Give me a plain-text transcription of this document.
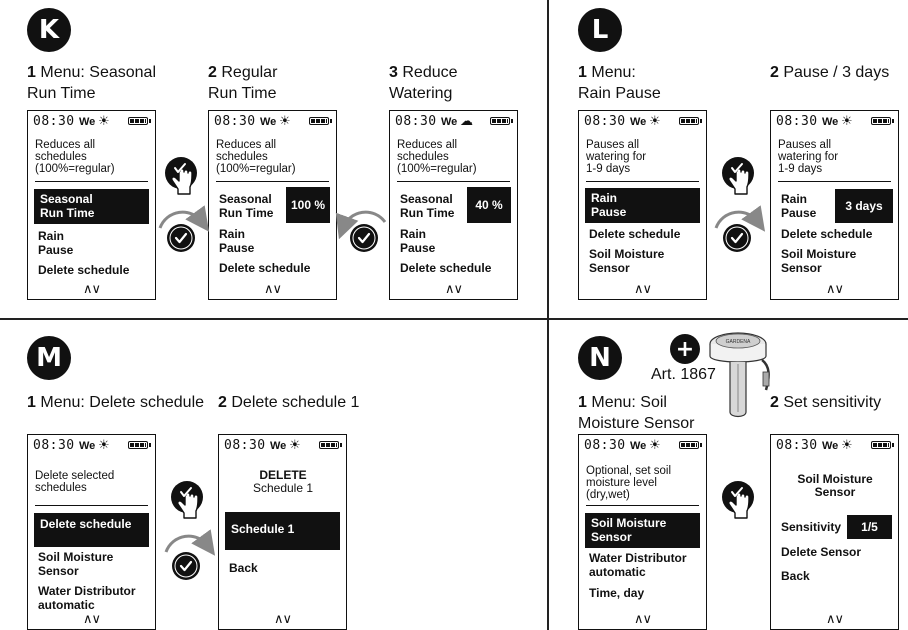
K
1 Menu: Seasonal
Run Time
2 Regular
Run Time
3 Reduce
Watering
08:30 We ☀
Reduces all
schedules
(100%=regular)
Seasonal
Run Time
Rain
Pause
Delete schedule
∧∨
08:30 We ☀
Reduces all
schedules
(100%=regular)
Seasonal
Run Time
100 %
Rain
Pause
Delete schedule
∧∨
08:30 We ☁
Reduces all
schedules
(100%=regular)
Seasonal
Run Time
40 %
Rain
Pause
Delete schedule
∧∨
L
1 Menu:
Rain Pause
2 Pause / 3 days
08:30 We ☀
Pauses all
watering for
1-9 days
Rain
Pause
Delete schedule
Soil Moisture
Sensor
∧∨
08:30 We ☀
Pauses all
watering for
1-9 days
Rain
Pause	3 days
Delete schedule
Soil Moisture
Sensor
∧∨
M
1 Menu: Delete schedule 2 Delete schedule 1
08:30 We ☀
Delete selected
schedules
Delete schedule
Soil Moisture
Sensor
Water Distributor
automatic
∧∨
08:30 We ☀
DELETE
Schedule 1
Schedule 1
Back
∧∨
N	+
Art. 1867
1 Menu: Soil
Moisture Sensor
2 Set sensitivity
08:30 We ☀
Optional, set soil
moisture level
(dry,wet)
Soil Moisture
Sensor
Water Distributor
automatic
Time, day
∧∨
08:30 We ☀
Soil Moisture
Sensor
Sensitivity	1/5
Delete Sensor
Back
∧∨
GARDENA
